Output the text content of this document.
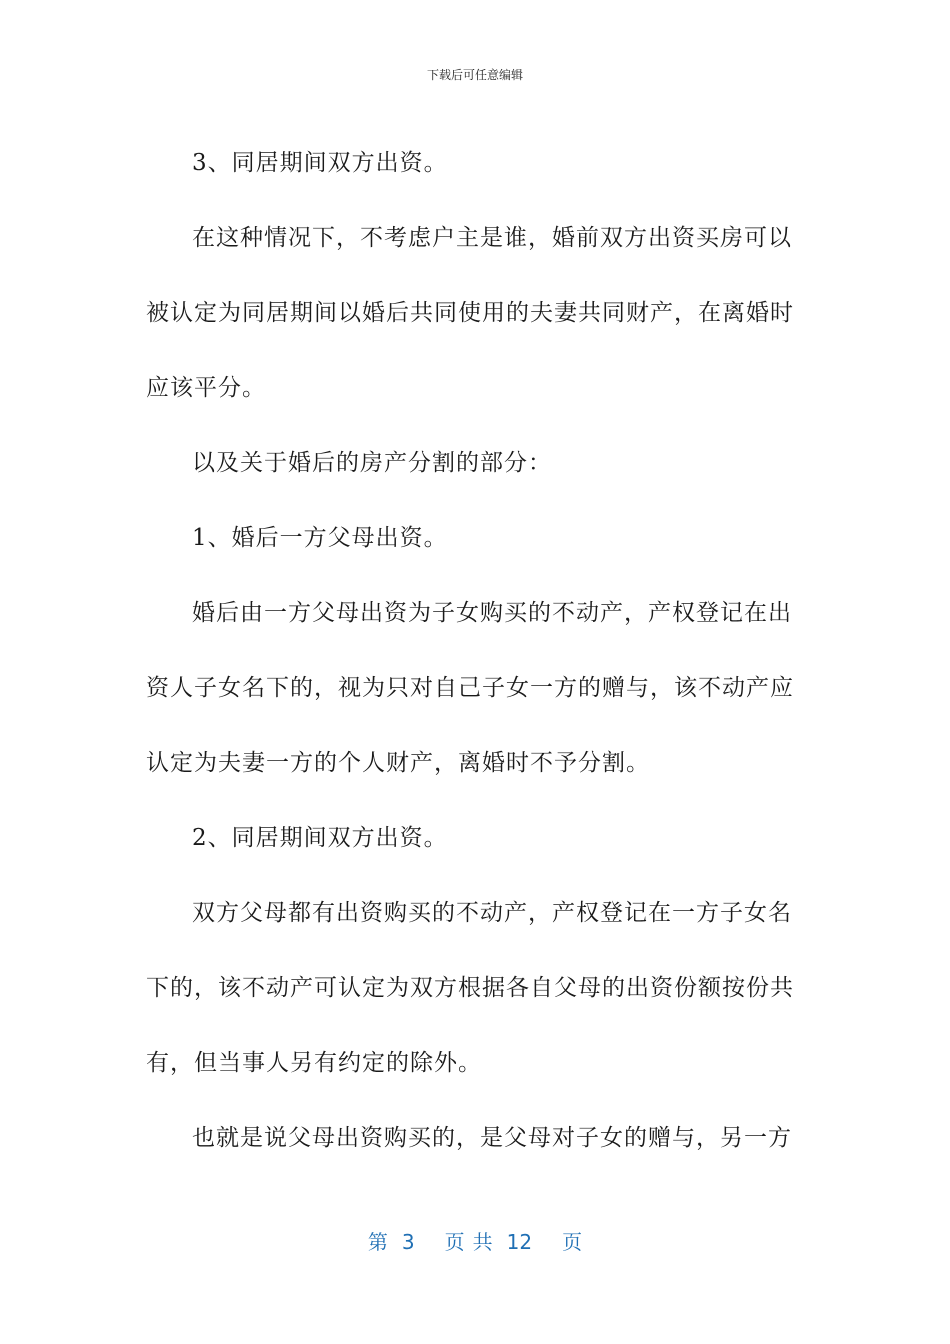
下载后可任意编辑

3、同居期间双方出资。

在这种情况下，不考虑户主是谁，婚前双方出资买房可以被认定为同居期间以婚后共同使用的夫妻共同财产，在离婚时应该平分。

以及关于婚后的房产分割的部分：

1、婚后一方父母出资。

婚后由一方父母出资为子女购买的不动产，产权登记在出资人子女名下的，视为只对自己子女一方的赠与，该不动产应认定为夫妻一方的个人财产，离婚时不予分割。

2、同居期间双方出资。

双方父母都有出资购买的不动产，产权登记在一方子女名下的，该不动产可认定为双方根据各自父母的出资份额按份共有，但当事人另有约定的除外。

也就是说父母出资购买的，是父母对子女的赠与，另一方

第 3 页 共 12 页
